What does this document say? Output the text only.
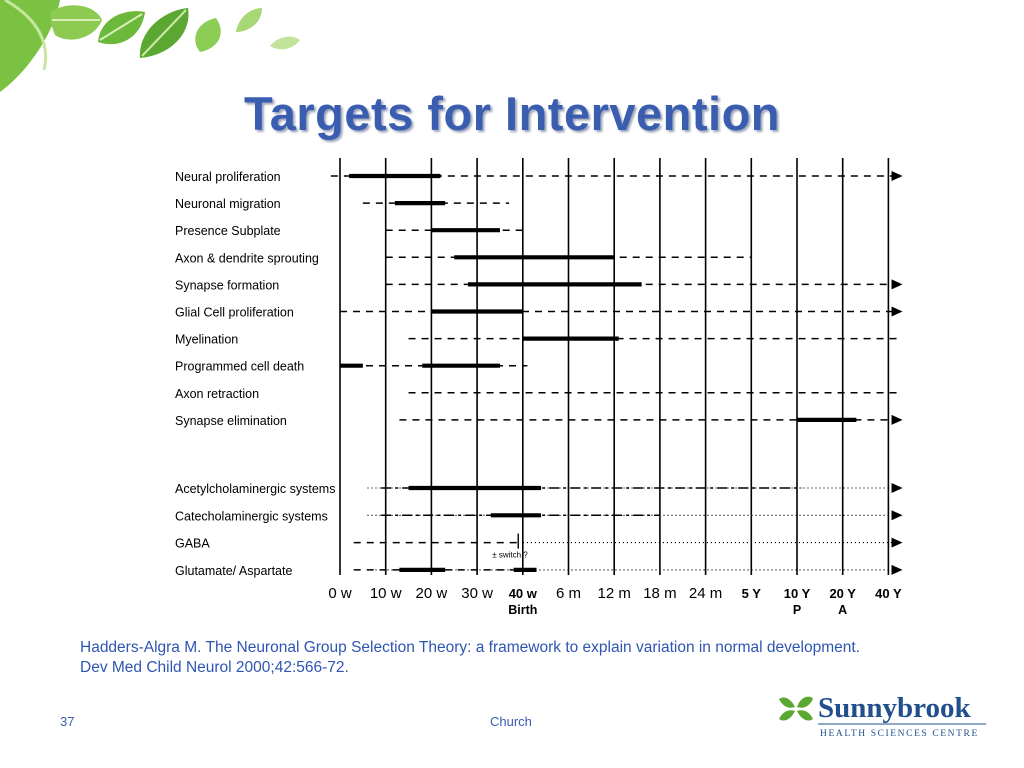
Targets for Intervention
Neural proliferation
Neuronal migration
Presence Subplate
Axon & dendrite sprouting
Synapse formation
Glial Cell proliferation
Myelination
Programmed cell death
Axon retraction
Synapse elimination
Acetylcholaminergic systems
Catecholaminergic systems
GABA
Glutamate/ Aspartate
± switch ?
0 w 10 w 20 w 30 w 40 w
Birth
6 m 12 m 18 m 24 m 5 Y 10 Y
P
20 Y
A
40 Y
Hadders-Algra M. The Neuronal Group Selection Theory: a framework to explain variation in normal development. Dev Med Child Neurol 2000;42:566-72.
37	Church	Sunnybrook
HEALTH SCIENCES CENTRE
